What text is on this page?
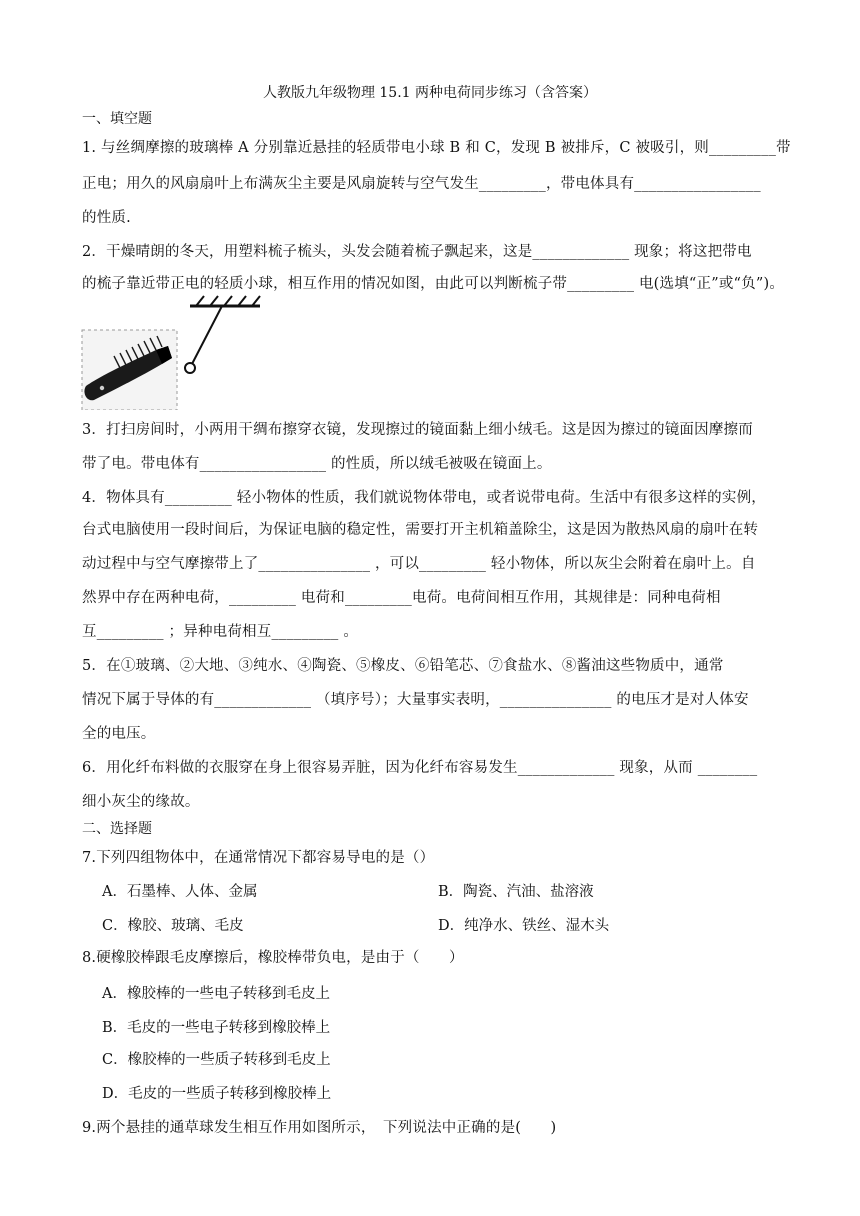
人教版九年级物理 15.1 两种电荷同步练习（含答案）
一、填空题
1. 与丝绸摩擦的玻璃棒 A 分别靠近悬挂的轻质带电小球 B 和 C，发现 B 被排斥，C 被吸引，则_________带
正电；用久的风扇扇叶上布满灰尘主要是风扇旋转与空气发生_________，带电体具有_________________
的性质.
2．干燥晴朗的冬天，用塑料梳子梳头，头发会随着梳子飘起来，这是_____________ 现象；将这把带电
的梳子靠近带正电的轻质小球，相互作用的情况如图，由此可以判断梳子带_________ 电(选填“正”或“负”)。
3．打扫房间时，小两用干绸布擦穿衣镜，发现擦过的镜面黏上细小绒毛。这是因为擦过的镜面因摩擦而
带了电。带电体有_________________ 的性质，所以绒毛被吸在镜面上。
4．物体具有_________ 轻小物体的性质，我们就说物体带电，或者说带电荷。生活中有很多这样的实例，
台式电脑使用一段时间后，为保证电脑的稳定性，需要打开主机箱盖除尘，这是因为散热风扇的扇叶在转
动过程中与空气摩擦带上了_______________ ，可以_________ 轻小物体，所以灰尘会附着在扇叶上。自
然界中存在两种电荷，_________ 电荷和_________电荷。电荷间相互作用，其规律是：同种电荷相
互_________ ；异种电荷相互_________ 。
5．在①玻璃、②大地、③纯水、④陶瓷、⑤橡皮、⑥铅笔芯、⑦食盐水、⑧酱油这些物质中，通常
情况下属于导体的有_____________ （填序号）；大量事实表明，_______________ 的电压才是对人体安
全的电压。
6．用化纤布料做的衣服穿在身上很容易弄脏，因为化纤布容易发生_____________ 现象，从而 ________
细小灰尘的缘故。
二、选择题
7.下列四组物体中，在通常情况下都容易导电的是（）
A．石墨棒、人体、金属	B．陶瓷、汽油、盐溶液
C．橡胶、玻璃、毛皮	D．纯净水、铁丝、湿木头
8.硬橡胶棒跟毛皮摩擦后，橡胶棒带负电，是由于（　　）
A．橡胶棒的一些电子转移到毛皮上
B．毛皮的一些电子转移到橡胶棒上
C．橡胶棒的一些质子转移到毛皮上
D．毛皮的一些质子转移到橡胶棒上
9.两个悬挂的通草球发生相互作用如图所示，　下列说法中正确的是(　　)
